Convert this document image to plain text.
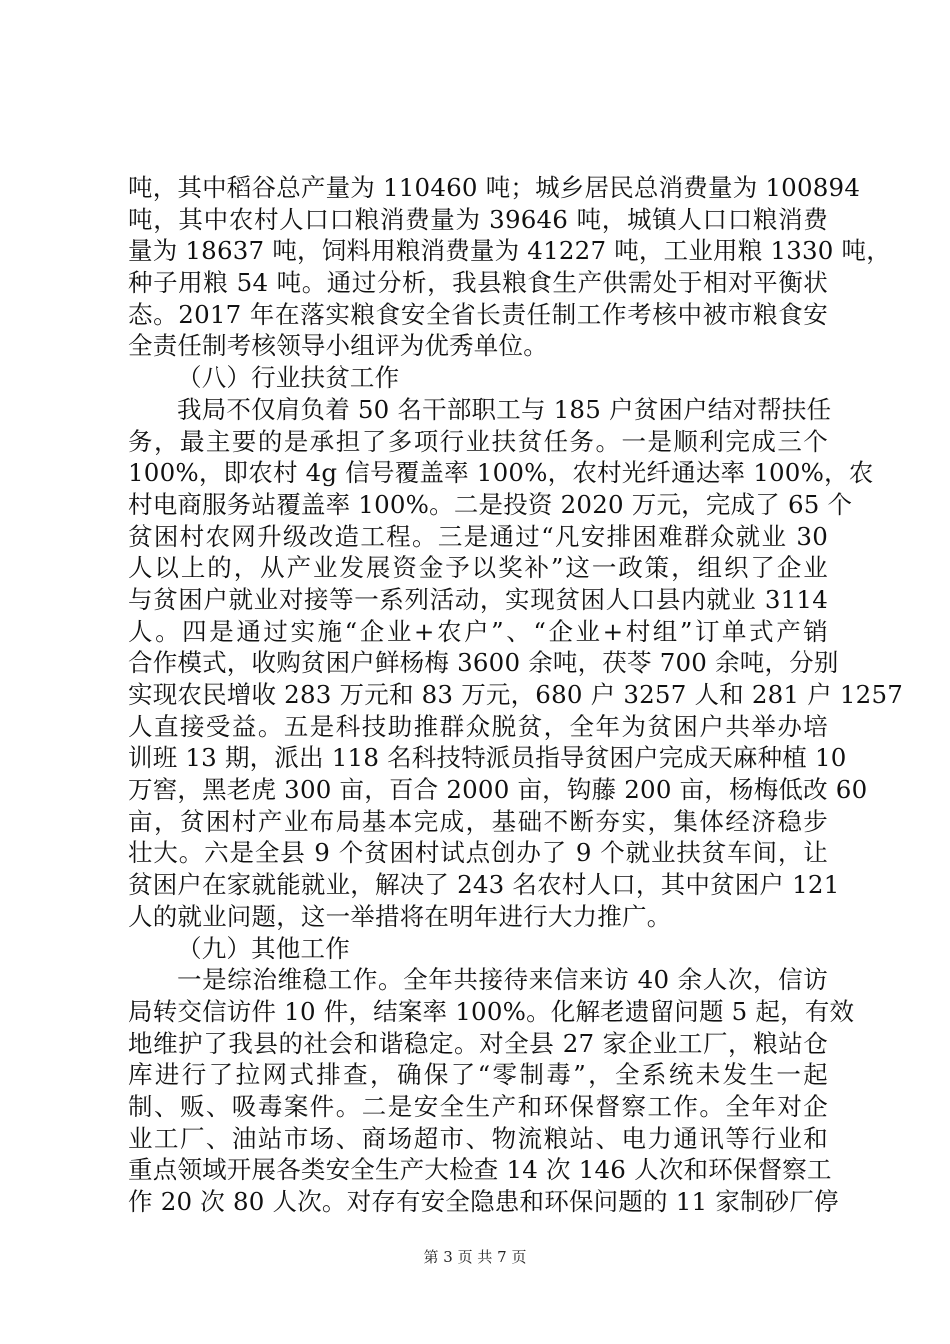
吨，其中稻谷总产量为 110460 吨；城乡居民总消费量为 100894
吨，其中农村人口口粮消费量为 39646 吨，城镇人口口粮消费
量为 18637 吨，饲料用粮消费量为 41227 吨，工业用粮 1330 吨，
种子用粮 54 吨。通过分析，我县粮食生产供需处于相对平衡状
态。2017 年在落实粮食安全省长责任制工作考核中被市粮食安
全责任制考核领导小组评为优秀单位。
（八）行业扶贫工作
我局不仅肩负着 50 名干部职工与 185 户贫困户结对帮扶任
务，最主要的是承担了多项行业扶贫任务。一是顺利完成三个
100%，即农村 4g 信号覆盖率 100%，农村光纤通达率 100%，农
村电商服务站覆盖率 100%。二是投资 2020 万元，完成了 65 个
贫困村农网升级改造工程。三是通过“凡安排困难群众就业 30
人以上的，从产业发展资金予以奖补”这一政策，组织了企业
与贫困户就业对接等一系列活动，实现贫困人口县内就业 3114
人。四是通过实施“企业+农户”、“企业+村组”订单式产销
合作模式，收购贫困户鲜杨梅 3600 余吨，茯苓 700 余吨，分别
实现农民增收 283 万元和 83 万元，680 户 3257 人和 281 户 1257
人直接受益。五是科技助推群众脱贫，全年为贫困户共举办培
训班 13 期，派出 118 名科技特派员指导贫困户完成天麻种植 10
万窖，黑老虎 300 亩，百合 2000 亩，钩藤 200 亩，杨梅低改 60
亩，贫困村产业布局基本完成，基础不断夯实，集体经济稳步
壮大。六是全县 9 个贫困村试点创办了 9 个就业扶贫车间，让
贫困户在家就能就业，解决了 243 名农村人口，其中贫困户 121
人的就业问题，这一举措将在明年进行大力推广。
（九）其他工作
一是综治维稳工作。全年共接待来信来访 40 余人次，信访
局转交信访件 10 件，结案率 100%。化解老遗留问题 5 起，有效
地维护了我县的社会和谐稳定。对全县 27 家企业工厂，粮站仓
库进行了拉网式排查，确保了“零制毒”，全系统未发生一起
制、贩、吸毒案件。二是安全生产和环保督察工作。全年对企
业工厂、油站市场、商场超市、物流粮站、电力通讯等行业和
重点领域开展各类安全生产大检查 14 次 146 人次和环保督察工
作 20 次 80 人次。对存有安全隐患和环保问题的 11 家制砂厂停
第 3 页 共 7 页
